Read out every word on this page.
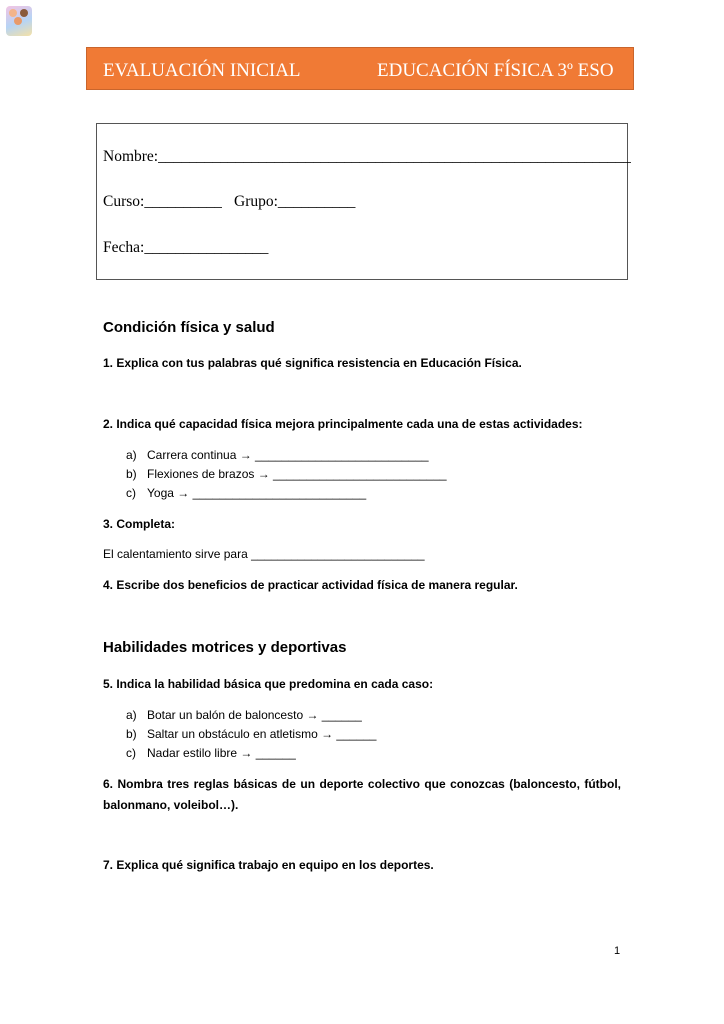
EVALUACIÓN INICIAL	EDUCACIÓN FÍSICA 3º ESO
Nombre:_____________________________________________________________
Curso:__________ Grupo:__________
Fecha:________________
Condición física y salud
1. Explica con tus palabras qué significa resistencia en Educación Física.
2. Indica qué capacidad física mejora principalmente cada una de estas actividades:
a) Carrera continua → __________________________
b) Flexiones de brazos → __________________________
c) Yoga → __________________________
3. Completa:
El calentamiento sirve para __________________________
4. Escribe dos beneficios de practicar actividad física de manera regular.
Habilidades motrices y deportivas
5. Indica la habilidad básica que predomina en cada caso:
a) Botar un balón de baloncesto → ______
b) Saltar un obstáculo en atletismo → ______
c) Nadar estilo libre → ______
6. Nombra tres reglas básicas de un deporte colectivo que conozcas (baloncesto, fútbol, balonmano, voleibol…).
7. Explica qué significa trabajo en equipo en los deportes.
1
